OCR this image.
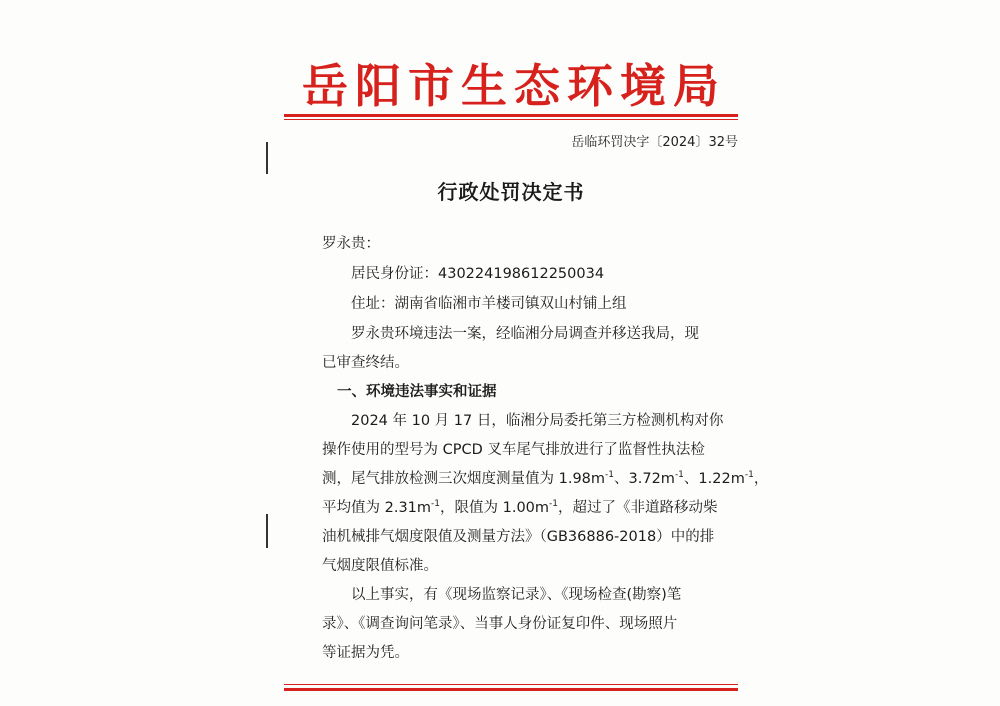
岳阳市生态环境局
岳临环罚决字〔2024〕32号
行政处罚决定书
罗永贵：
居民身份证：430224198612250034
住址：湖南省临湘市羊楼司镇双山村铺上组
罗永贵环境违法一案，经临湘分局调查并移送我局，现
已审查终结。
一、环境违法事实和证据
2024 年 10 月 17 日，临湘分局委托第三方检测机构对你
操作使用的型号为 CPCD 叉车尾气排放进行了监督性执法检
测，尾气排放检测三次烟度测量值为 $1.98m^{-1}$、$3.72m^{-1}$、$1.22m^{-1}$，
平均值为 $2.31m^{-1}$，限值为 $1.00m^{-1}$，超过了《非道路移动柴
油机械排气烟度限值及测量方法》（GB36886-2018）中的排
气烟度限值标准。
以上事实，有《现场监察记录》、《现场检查(勘察)笔
录》、《调查询问笔录》、当事人身份证复印件、现场照片
等证据为凭。
